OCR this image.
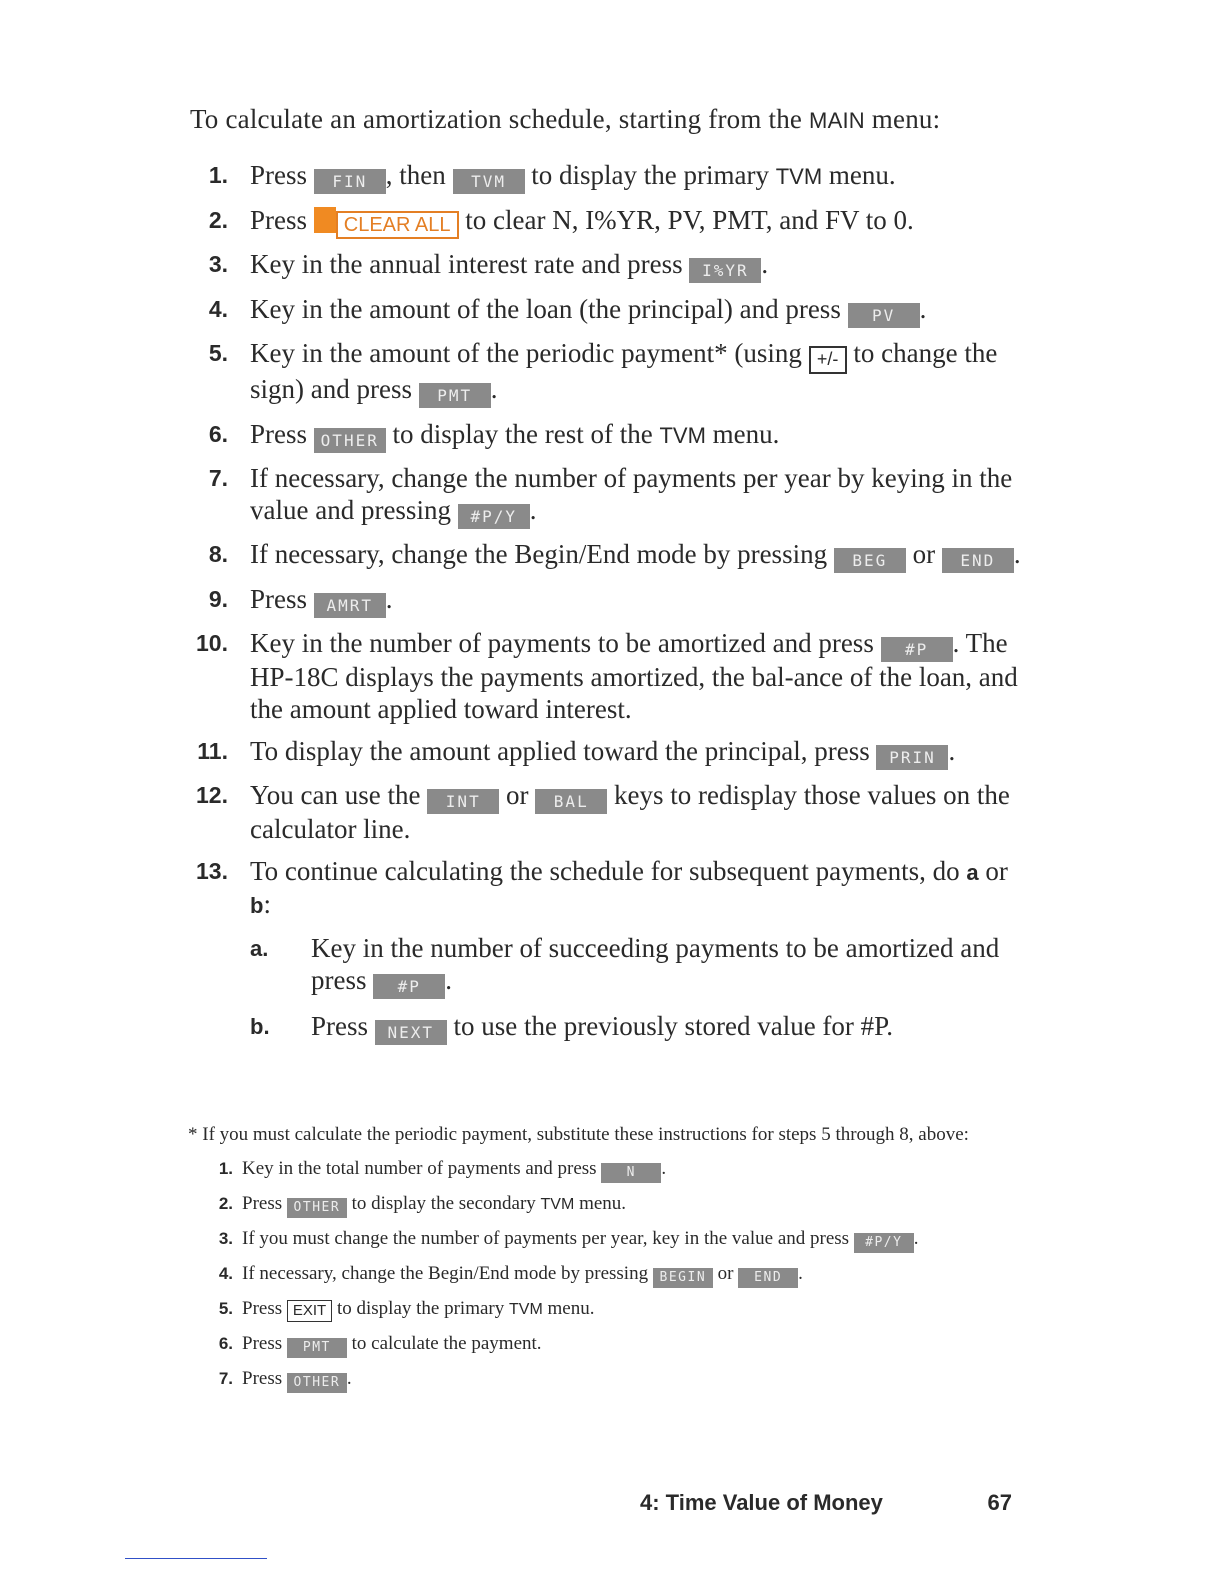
To calculate an amortization schedule, starting from the MAIN menu:
1. Press FIN , then TVM to display the primary TVM menu.
2. Press CLEAR ALL to clear N, I%YR, PV, PMT, and FV to 0.
3. Key in the annual interest rate and press I%YR .
4. Key in the amount of the loan (the principal) and press PV .
5. Key in the amount of the periodic payment* (using +/- to change the sign) and press PMT .
6. Press OTHER to display the rest of the TVM menu.
7. If necessary, change the number of payments per year by keying in the value and pressing #P/Y .
8. If necessary, change the Begin/End mode by pressing BEG or END .
9. Press AMRT .
10. Key in the number of payments to be amortized and press #P . The HP-18C displays the payments amortized, the bal-ance of the loan, and the amount applied toward interest.
11. To display the amount applied toward the principal, press PRIN .
12. You can use the INT or BAL keys to redisplay those values on the calculator line.
13. To continue calculating the schedule for subsequent payments, do a or b:
a. Key in the number of succeeding payments to be amortized and press #P .
b. Press NEXT to use the previously stored value for #P.
* If you must calculate the periodic payment, substitute these instructions for steps 5 through 8, above:
1. Key in the total number of payments and press N .
2. Press OTHER to display the secondary TVM menu.
3. If you must change the number of payments per year, key in the value and press #P/Y .
4. If necessary, change the Begin/End mode by pressing BEGIN or END .
5. Press EXIT to display the primary TVM menu.
6. Press PMT to calculate the payment.
7. Press OTHER .
4: Time Value of Money	67
